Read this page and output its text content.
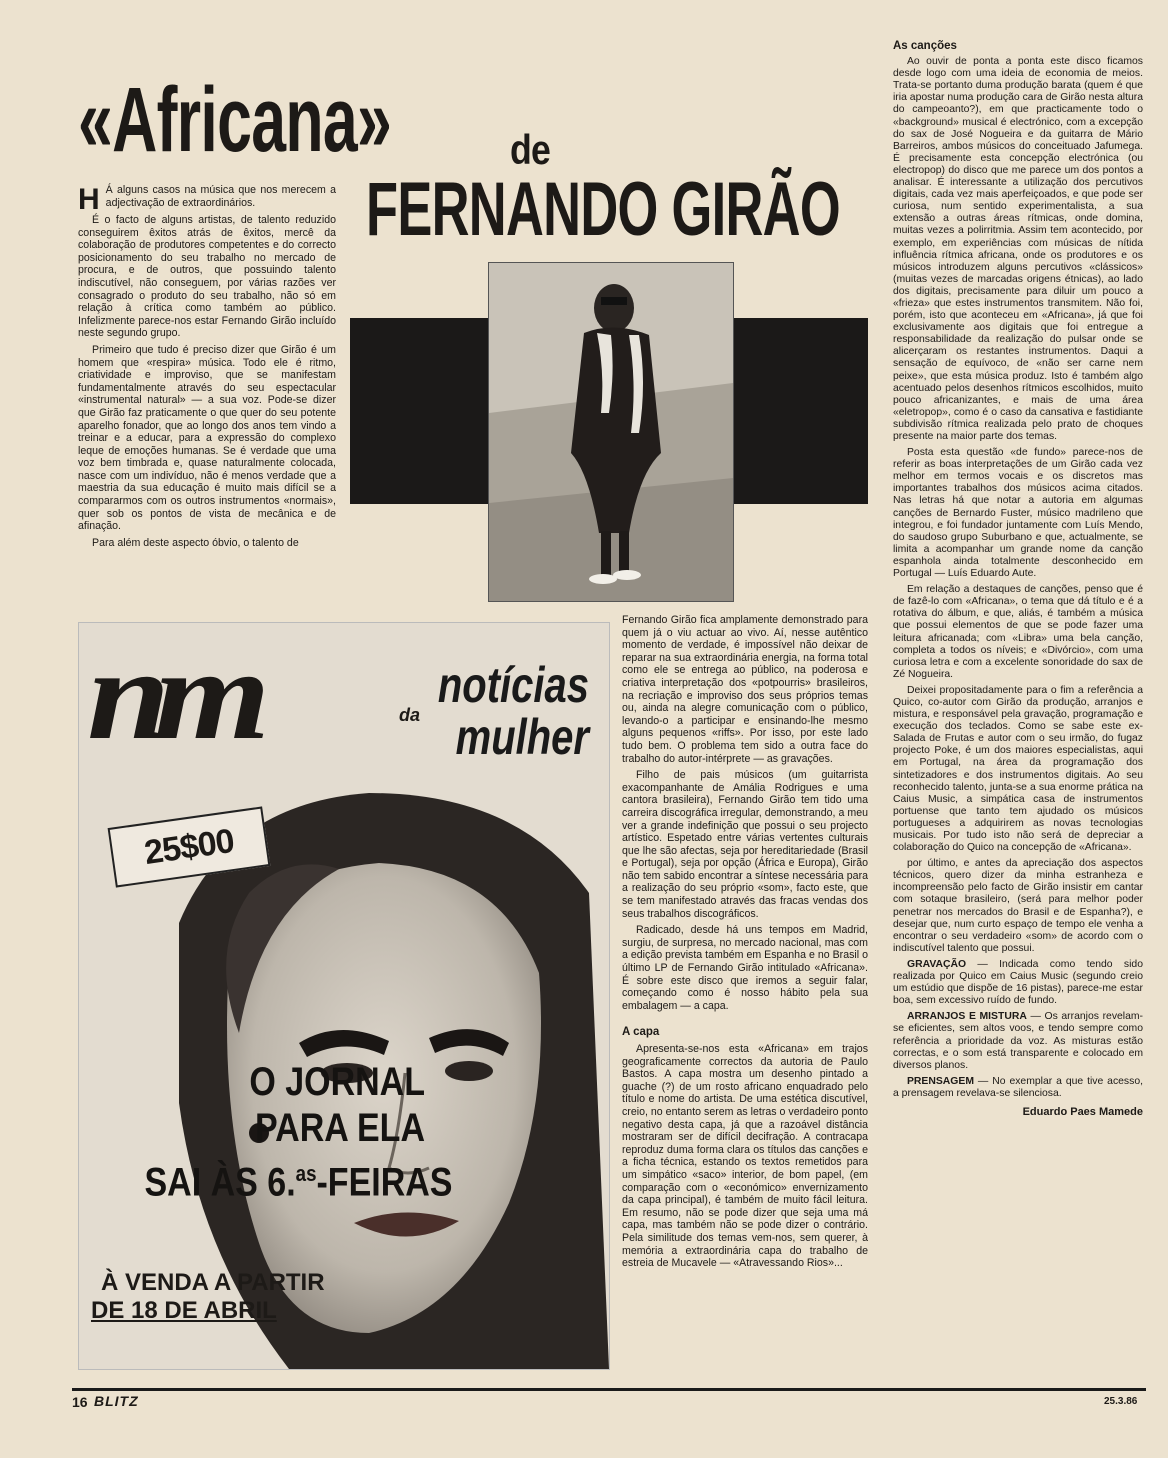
«Africana»	de
FERNANDO GIRÃO

H Á alguns casos na música que nos merecem a adjectivação de extraordinários.

É o facto de alguns artistas, de talento reduzido conseguirem êxitos atrás de êxitos, mercê da colaboração de produtores competentes e do correcto posicionamento do seu trabalho no mercado de procura, e de outros, que possuindo talento indiscutível, não conseguem, por várias razões ver consagrado o produto do seu trabalho, não só em relação à crítica como também ao público. Infelizmente parece-nos estar Fernando Girão incluído neste segundo grupo.

Primeiro que tudo é preciso dizer que Girão é um homem que «respira» música. Todo ele é ritmo, criatividade e improviso, que se manifestam fundamentalmente através do seu espectacular «instrumental natural» — a sua voz. Pode-se dizer que Girão faz praticamente o que quer do seu potente aparelho fonador, que ao longo dos anos tem vindo a treinar e a educar, para a expressão do complexo leque de emoções humanas. Se é verdade que uma voz bem timbrada e, quase naturalmente colocada, nasce com um indivíduo, não é menos verdade que a maestria da sua educação é muito mais difícil se a compararmos com os outros instrumentos «normais», quer sob os pontos de vista de mecânica e de afinação.

Para além deste aspecto óbvio, o talento de

Fernando Girão fica amplamente demonstrado para quem já o viu actuar ao vivo. Aí, nesse autêntico momento de verdade, é impossível não deixar de reparar na sua extraordinária energia, na forma total como ele se entrega ao público, na poderosa e criativa interpretação dos «potpourris» brasileiros, na recriação e improviso dos seus próprios temas ou, ainda na alegre comunicação com o público, levando-o a participar e ensinando-lhe mesmo alguns pequenos «riffs». Por isso, por este lado tudo bem. O problema tem sido a outra face do trabalho do autor-intérprete — as gravações.

Filho de pais músicos (um guitarrista exacompanhante de Amália Rodrigues e uma cantora brasileira), Fernando Girão tem tido uma carreira discográfica irregular, demonstrando, a meu ver a grande indefinição que possui o seu projecto artístico. Espetado entre várias vertentes culturais que lhe são afectas, seja por hereditariedade (Brasil e Portugal), seja por opção (África e Europa), Girão não tem sabido encontrar a síntese necessária para a realização do seu próprio «som», facto este, que se tem manifestado através das fracas vendas dos seus trabalhos discográficos.

Radicado, desde há uns tempos em Madrid, surgiu, de surpresa, no mercado nacional, mas com a edição prevista também em Espanha e no Brasil o último LP de Fernando Girão intitulado «Africana». É sobre este disco que iremos a seguir falar, começando como é nosso hábito pela sua embalagem — a capa.

A capa

Apresenta-se-nos esta «Africana» em trajos geograficamente correctos da autoria de Paulo Bastos. A capa mostra um desenho pintado a guache (?) de um rosto africano enquadrado pelo título e nome do artista. De uma estética discutível, creio, no entanto serem as letras o verdadeiro ponto negativo desta capa, já que a razoável distância mostraram ser de difícil decifração. A contracapa reproduz duma forma clara os títulos das canções e a ficha técnica, estando os textos remetidos para um simpático «saco» interior, de bom papel, (em comparação com o «económico» envernizamento da capa principal), é também de muito fácil leitura. Em resumo, não se pode dizer que seja uma má capa, mas também não se pode dizer o contrário. Pela similitude dos temas vem-nos, sem querer, à memória a extraordinária capa do trabalho de estreia de Mucavele — «Atravessando Rios»...

As canções

Ao ouvir de ponta a ponta este disco ficamos desde logo com uma ideia de economia de meios. Trata-se portanto duma produção barata (quem é que iria apostar numa produção cara de Girão nesta altura do campeoanto?), em que practicamente todo o «background» musical é electrónico, com a excepção do sax de José Nogueira e da guitarra de Mário Barreiros, ambos músicos do conceituado Jafumega. É precisamente esta concepção electrónica (ou electropop) do disco que me parece um dos pontos a analisar. É interessante a utilização dos percutivos digitais, cada vez mais aperfeiçoados, e que pode ser curiosa, num sentido experimentalista, a sua extensão a outras áreas rítmicas, onde domina, muitas vezes a polirritmia. Assim tem acontecido, por exemplo, em experiências com músicas de nítida influência rítmica africana, onde os produtores e os músicos introduzem alguns percutivos «clássicos» (muitas vezes de marcadas origens étnicas), ao lado dos digitais, precisamente para diluir um pouco a «frieza» que estes instrumentos transmitem. Não foi, porém, isto que aconteceu em «Africana», já que foi exclusivamente aos digitais que foi entregue a responsabilidade da realização do pulsar onde se alicerçaram os restantes instrumentos. Daqui a sensação de equívoco, de «não ser carne nem peixe», que esta música produz. Isto é também algo acentuado pelos desenhos rítmicos escolhidos, muito pouco africanizantes, e mais de uma área «eletropop», como é o caso da cansativa e fastidiante subdivisão rítmica realizada pelo prato de choques presente na maior parte dos temas.

Posta esta questão «de fundo» parece-nos de referir as boas interpretações de um Girão cada vez melhor em termos vocais e os discretos mas importantes trabalhos dos músicos acima citados. Nas letras há que notar a autoria em algumas canções de Bernardo Fuster, músico madrileno que integrou, e foi fundador juntamente com Luís Mendo, do saudoso grupo Suburbano e que, actualmente, se limita a acompanhar um grande nome da canção espanhola ainda totalmente desconhecido em Portugal — Luís Eduardo Aute.

Em relação a destaques de canções, penso que é de fazê-lo com «Africana», o tema que dá título e é a rotativa do álbum, e que, aliás, é também a música que possui elementos de que se pode fazer uma leitura africanada; com «Libra» uma bela canção, completa a todos os níveis; e «Divórcio», com uma curiosa letra e com a excelente sonoridade do sax de Zé Nogueira.

Deixei propositadamente para o fim a referência a Quico, co-autor com Girão da produção, arranjos e mistura, e responsável pela gravação, programação e execução dos teclados. Como se sabe este ex-Salada de Frutas e autor com o seu irmão, do fugaz projecto Poke, é um dos maiores especialistas, aqui em Portugal, na área da programação dos sintetizadores e dos instrumentos digitais. Ao seu reconhecido talento, junta-se a sua enorme prática na Caius Music, a simpática casa de instrumentos portuense que tanto tem ajudado os músicos portugueses a adquirirem as novas tecnologias musicais. Por tudo isto não será de depreciar a colaboração do Quico na concepção de «Africana».

por último, e antes da apreciação dos aspectos técnicos, quero dizer da minha estranheza e incompreensão pelo facto de Girão insistir em cantar com sotaque brasileiro, (será para melhor poder penetrar nos mercados do Brasil e de Espanha?), e desejar que, num curto espaço de tempo ele venha a encontrar o seu verdadeiro «som» de acordo com o indiscutível talento que possui.

GRAVAÇÃO — Indicada como tendo sido realizada por Quico em Caius Music (segundo creio um estúdio que dispõe de 16 pistas), parece-me estar boa, sem excessivo ruído de fundo.

ARRANJOS E MISTURA — Os arranjos revelam-se eficientes, sem altos voos, e tendo sempre como referência a prioridade da voz. As misturas estão correctas, e o som está transparente e colocado em diversos planos.

PRENSAGEM — No exemplar a que tive acesso, a prensagem revelava-se silenciosa.

Eduardo Paes Mamede

nm	notícias
da mulher
25$00
O JORNAL
PARA ELA
SAI ÀS 6.$^{as}$-FEIRAS
À VENDA A PARTIR
DE 18 DE ABRIL
16 BLITZ	25.3.86
